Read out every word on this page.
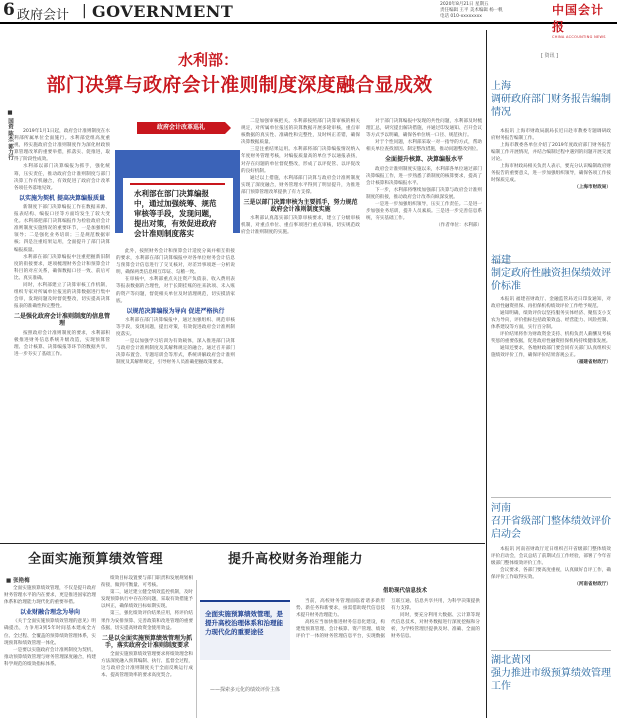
6 政府会计 | GOVERNMENT	2020年8月21日 星期五
责任编辑 王平 美术编辑 杨一帆
电话 010-xxxxxxxx	中国会计报
CHINA ACCOUNTING NEWS
水利部：
部门决算与政府会计准则制度深度融合显成效
■ 国资 陈杰 郭力行	2019年1月1日起，政府会计准则制度在水利部所属单位全面施行。水利部党组高度重视，将实施政府会计准则制度作为深化财政预算管理改革的重要举措，抓落实、促推进，取得了阶段性成效。

水利部以部门决算编报为抓手，强化统筹，压实责任，推动政府会计准则制度与部门决算工作有机融合，有效促进了政府会计改革各项任务落地见效。

以实施为契机 提高决算编报质量

新制度下部门决算编报工作在数据来源、报表结构、编报口径等方面均发生了较大变化。水利部把部门决算编报作为检验政府会计准则制度实施情况的重要环节，一是加强组织领导；二是强化业务培训；三是规范数据审核；四是注重结果运用，全面提升了部门决算编报质量。

水利部在部门决算编报中注重把握新旧制度的衔接要求，逐项梳理财务会计和预算会计科目的对应关系，确保数据口径一致、前后可比、真实准确。

同时，水利部建立了决算审核工作机制，组织专家对所属单位报送的决算数据进行集中会审，发现问题及时督促整改，切实提高决算报表的准确性和完整性。

二是强化政府会计准则制度的信息管理

按照政府会计准则制度的要求，水利部积极推进财务信息系统升级改造，实现预算管理、会计核算、决算编报等环节的数据共享，进一步夯实了基础工作。

政府会计改革巡礼
水利部在部门决算编报中，通过加强统筹、规范审核等手段，发现问题，提出对策，有效促进政府会计准则制度落实

此外，按照财务会计和预算会计适度分离并相互衔接的要求，水利部在部门决算编报中对各单位财务会计信息与预算会计信息进行了交叉核对，对差异事项逐一分析说明，确保两类信息相互印证、勾稽一致。

在审核中，水利部重点关注资产负债表、收入费用表等报表数据的合理性，对于长期挂账的往来款项、未入账的资产等问题，督促相关单位及时清理规范，切实摸清家底。

以规范决算编报为导向 促进严格执行

水利部在部门决算编报中，通过加强组织、规范审核等手段，发现问题，提出对策，有效促进政府会计准则制度落实。

一是以加强学习培训为有效载体，深入推进部门决算与政府会计准则制度及其解释规定的融合。通过召开部门决算布置会、专题培训会等形式，系统讲解政府会计准则制度及其解释规定，引导财务人员准确把握政策要求。

二是加强审核把关。水利部按照部门决算审核的相关规定，对所属单位报送的决算数据开展多轮审核，重点审核数据的真实性、准确性和完整性，及时纠正差错，确保决算数据质量。

三是注重结果运用。水利部将部门决算编报情况纳入年度财务管理考核，对编报质量高的单位予以通报表扬，对存在问题的单位督促整改，形成了以评促管、以评促改的良好机制。

通过以上措施，水利部部门决算与政府会计准则制度实现了深度融合，财务管理水平得到了明显提升，为推进部门预算管理改革提供了有力支撑。

三是以部门决算审核为主要抓手，努力规范政府会计准则制度实施

水利部认真落实部门决算审核要求，建立了分级审核机制，对重点单位、重点事项进行重点审核，切实规范政府会计准则制度的实施。

对于部门决算编报中发现的共性问题，水利部及时梳理汇总，研究提出解决措施，并通过印发通知、召开会议等方式予以明确，确保各单位统一口径、规范执行。

对于个性问题，水利部采取一对一指导的方式，帮助相关单位查找原因、制定整改措施，推动问题整改到位。

全面提升核算、决算编报水平

政府会计准则制度实施以来，水利部各单位通过部门决算编报工作，进一步熟悉了新制度的核算要求，提高了会计核算和决算编报水平。

下一步，水利部将继续加强部门决算与政府会计准则制度的衔接，推动政府会计改革向纵深发展。

一是进一步加强组织领导，压实工作责任。二是进一步加强业务培训，提升人员素质。三是进一步完善信息系统，夯实基础工作。

（作者单位：水利部）

全面实施预算绩效管理
■ 张艳梅

全面实施预算绩效管理，不仅是提升政府财务管理水平的内在要求，更是推进国家治理体系和治理能力现代化的重要举措。

以业财融合理念为导向

《关于全面实施预算绩效管理的意见》明确提出，力争用3到5年时间基本建成全方位、全过程、全覆盖的预算绩效管理体系，实现预算和绩效管理一体化。

一是要以实施政府会计准则制度为契机，推动预算绩效管理与财务管理深度融合，构建科学规范的绩效指标体系。

绩效目标设置要与部门职责和发展规划相衔接，做到可衡量、可考核。

第二，通过建立健全绩效监控机制，及时发现预算执行中存在的问题，采取有效措施予以纠正，确保绩效目标如期实现。

第三，强化绩效评价结果应用，将评价结果作为安排预算、完善政策和改进管理的重要依据，切实提高财政资金使用效益。

二是以全面实施预算绩效管理为抓手，落实政府会计准则制度要求

全面实施预算绩效管理要求将绩效理念和方法深度融入预算编制、执行、监督全过程，这与政府会计准则制度关于全面反映运行成本、提高管理效率的要求高度契合。

提升高校财务治理能力
全面实施预算绩效管理，是提升高校治理体系和治理能力现代化的重要途径
——探索多元化的绩效评价主体
借助现代信息技术

当前，高校财务管理面临着诸多新形势、新任务和新要求，亟需借助现代信息技术提升财务治理能力。

高校应当加快推进财务信息化建设，构建集预算管理、会计核算、资产管理、绩效评价于一体的财务管理信息平台，实现数据互联互通、信息共享共用，为科学决策提供有力支撑。

同时，要充分利用大数据、云计算等现代信息技术，对财务数据进行深度挖掘和分析，为学校管理层提供及时、准确、全面的财务信息。

[ 资讯 ]
上海
调研政府部门财务报告编制情况

本报讯 上海市财政局副局长近日赴市教委专题调研政府财务报告编制工作。

上海市教委各单位介绍了2019年度政府部门财务报告编制工作开展情况，并结合编制过程中遇到的问题开展交流讨论。

上海市财政局相关负责人表示，要充分认识编制政府财务报告的重要意义，进一步加强组织领导，确保各项工作按时保质完成。

（上海市财政局）

福建
制定政府性融资担保绩效评价标准

本报讯 福建省财政厅、金融监管局近日印发通知，对政府性融资担保、再担保机构绩效评价工作给予规范。

通知明确，绩效评价以坚持服务实体经济、聚焦支小支农为导向，评价指标包括政策效益、经营能力、风险控制、体系建设等方面，实行百分制。

评价结果将作为财政资金支持、机构负责人薪酬及考核奖惩的重要依据，促进政府性融资担保机构持续健康发展。

通知还要求，各地财政部门要会同有关部门认真组织实施绩效评价工作，确保评价结果客观公正。

（福建省财政厅）

河南
召开省级部门整体绩效评价启动会

本报讯 河南省财政厅近日组织召开省级部门整体绩效评价启动会，会议总结了前期试点工作经验，部署了今年省级部门整体绩效评价工作。

会议要求，各部门要高度重视，认真做好自评工作，确保评价工作取得实效。

（河南省财政厅）

湖北黄冈
强力推进市级预算绩效管理工作
